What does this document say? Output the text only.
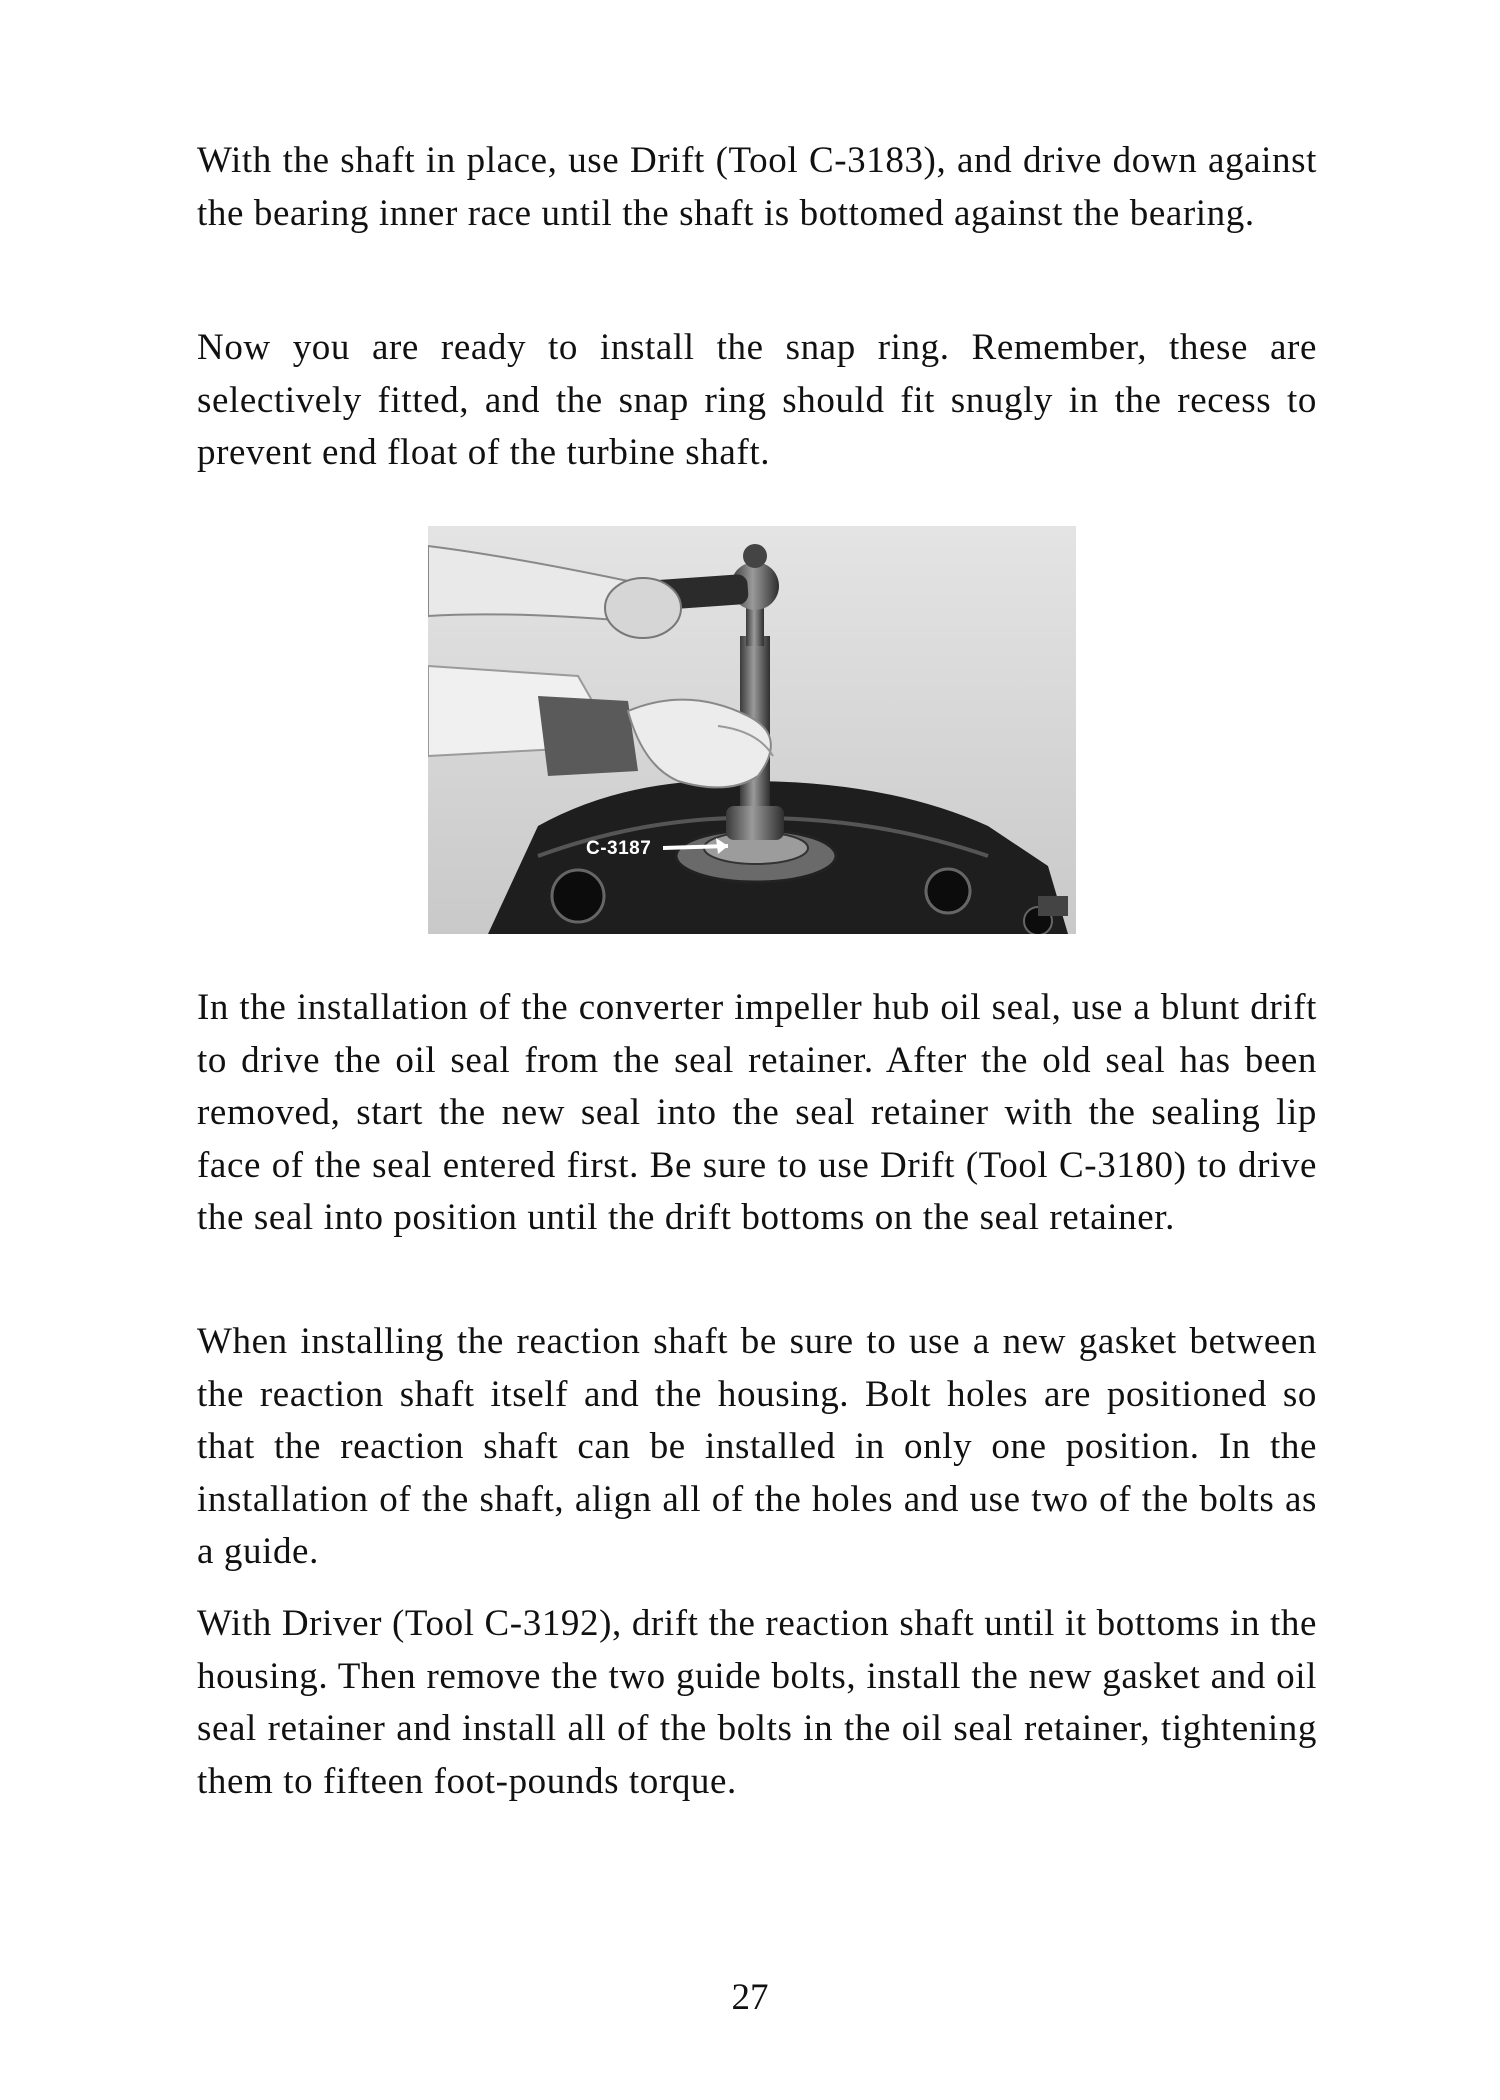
With the shaft in place, use Drift (Tool C-3183), and drive down against the bearing inner race until the shaft is bottomed against the bearing.

Now you are ready to install the snap ring. Remember, these are selectively fitted, and the snap ring should fit snugly in the recess to prevent end float of the turbine shaft.

C-3187

In the installation of the converter impeller hub oil seal, use a blunt drift to drive the oil seal from the seal retainer. After the old seal has been removed, start the new seal into the seal retainer with the sealing lip face of the seal entered first. Be sure to use Drift (Tool C-3180) to drive the seal into position until the drift bottoms on the seal retainer.

When installing the reaction shaft be sure to use a new gasket between the reaction shaft itself and the housing. Bolt holes are positioned so that the reaction shaft can be installed in only one position. In the installation of the shaft, align all of the holes and use two of the bolts as a guide.

With Driver (Tool C-3192), drift the reaction shaft until it bottoms in the housing. Then remove the two guide bolts, install the new gasket and oil seal retainer and install all of the bolts in the oil seal retainer, tightening them to fifteen foot-pounds torque.

27
